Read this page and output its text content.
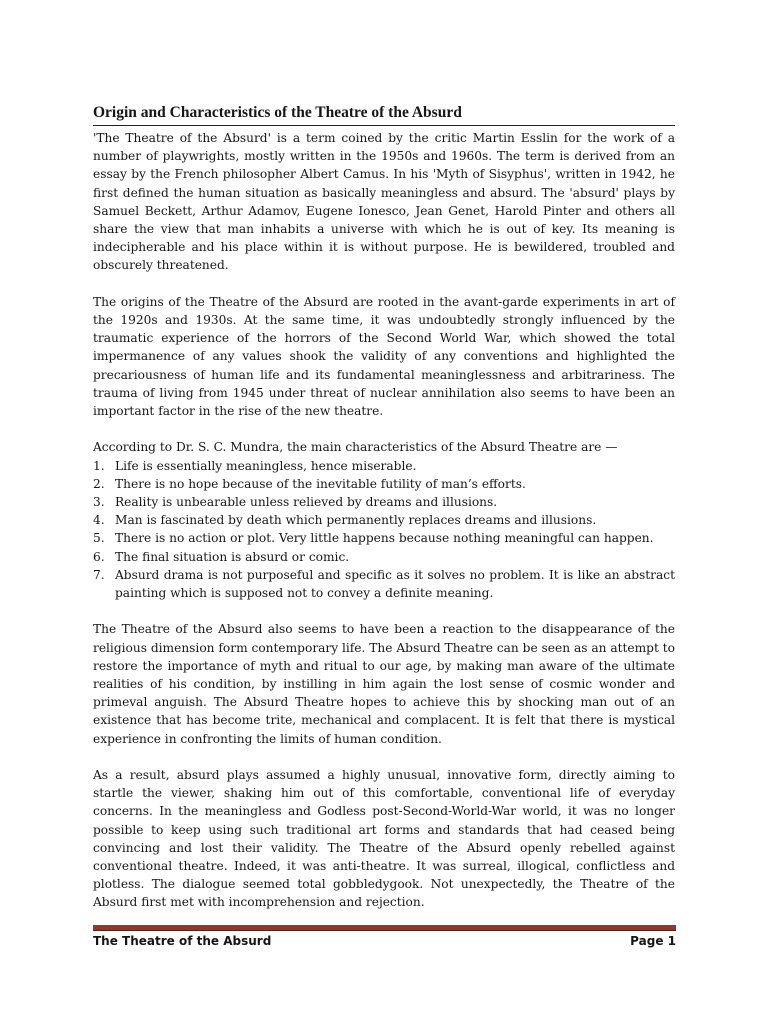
Origin and Characteristics of the Theatre of the Absurd

'The Theatre of the Absurd' is a term coined by the critic Martin Esslin for the work of a number of playwrights, mostly written in the 1950s and 1960s. The term is derived from an essay by the French philosopher Albert Camus. In his 'Myth of Sisyphus', written in 1942, he first defined the human situation as basically meaningless and absurd. The 'absurd' plays by Samuel Beckett, Arthur Adamov, Eugene Ionesco, Jean Genet, Harold Pinter and others all share the view that man inhabits a universe with which he is out of key. Its meaning is indecipherable and his place within it is without purpose. He is bewildered, troubled and obscurely threatened.

The origins of the Theatre of the Absurd are rooted in the avant-garde experiments in art of the 1920s and 1930s. At the same time, it was undoubtedly strongly influenced by the traumatic experience of the horrors of the Second World War, which showed the total impermanence of any values shook the validity of any conventions and highlighted the precariousness of human life and its fundamental meaninglessness and arbitrariness. The trauma of living from 1945 under threat of nuclear annihilation also seems to have been an important factor in the rise of the new theatre.

According to Dr. S. C. Mundra, the main characteristics of the Absurd Theatre are —
1. Life is essentially meaningless, hence miserable.
2. There is no hope because of the inevitable futility of man’s efforts.
3. Reality is unbearable unless relieved by dreams and illusions.
4. Man is fascinated by death which permanently replaces dreams and illusions.
5. There is no action or plot. Very little happens because nothing meaningful can happen.
6. The final situation is absurd or comic.
7. Absurd drama is not purposeful and specific as it solves no problem. It is like an abstract painting which is supposed not to convey a definite meaning.

The Theatre of the Absurd also seems to have been a reaction to the disappearance of the religious dimension form contemporary life. The Absurd Theatre can be seen as an attempt to restore the importance of myth and ritual to our age, by making man aware of the ultimate realities of his condition, by instilling in him again the lost sense of cosmic wonder and primeval anguish. The Absurd Theatre hopes to achieve this by shocking man out of an existence that has become trite, mechanical and complacent. It is felt that there is mystical experience in confronting the limits of human condition.

As a result, absurd plays assumed a highly unusual, innovative form, directly aiming to startle the viewer, shaking him out of this comfortable, conventional life of everyday concerns. In the meaningless and Godless post-Second-World-War world, it was no longer possible to keep using such traditional art forms and standards that had ceased being convincing and lost their validity. The Theatre of the Absurd openly rebelled against conventional theatre. Indeed, it was anti-theatre. It was surreal, illogical, conflictless and plotless. The dialogue seemed total gobbledygook. Not unexpectedly, the Theatre of the Absurd first met with incomprehension and rejection.

The Theatre of the Absurd	Page 1
